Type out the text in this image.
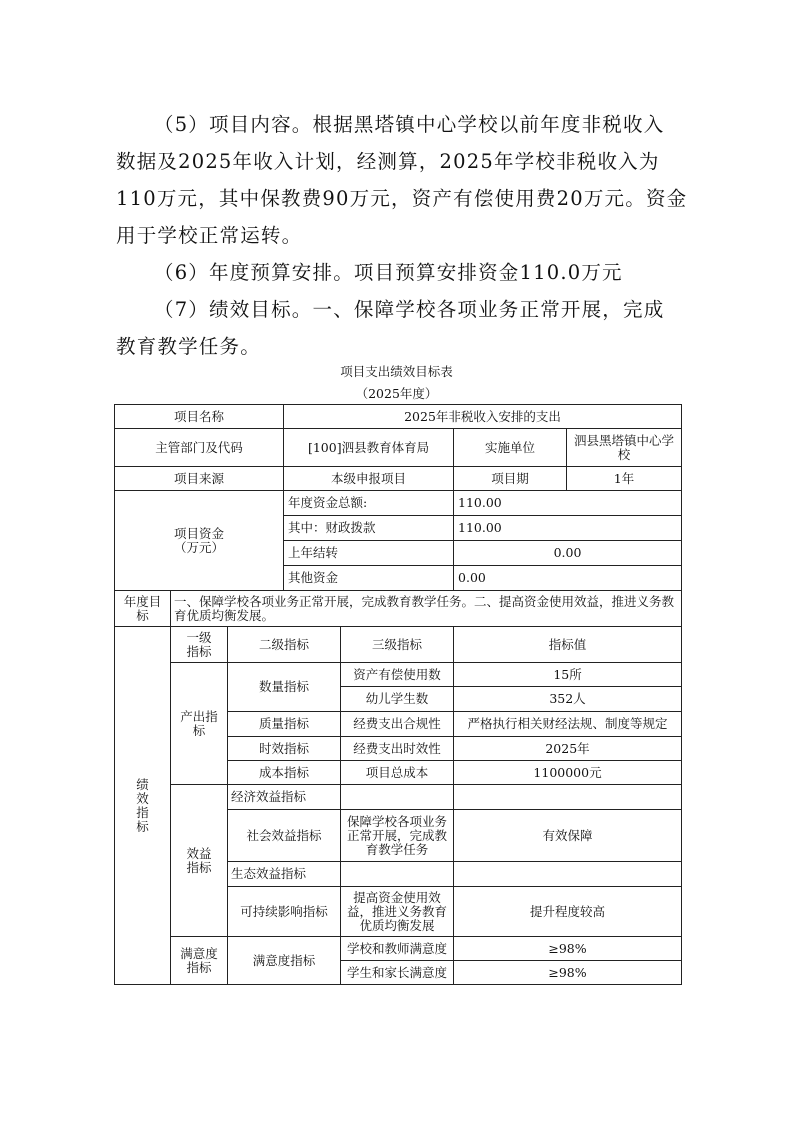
（5）项目内容。根据黑塔镇中心学校以前年度非税收入
数据及2025年收入计划，经测算，2025年学校非税收入为
110万元，其中保教费90万元，资产有偿使用费20万元。资金
用于学校正常运转。
（6）年度预算安排。项目预算安排资金110.0万元
（7）绩效目标。一、保障学校各项业务正常开展，完成
教育教学任务。
项目支出绩效目标表
（2025年度）
项目名称			2025年非税收入安排的支出			
主管部门及代码			[100]泗县教育体育局		实施单位	泗县黑塔镇中心学校
项目来源			本级申报项目		项目期	1年

项目资金
（万元）			年度资金总额:		110.00	
			其中：财政拨款		110.00	
			上年结转		0.00	
			其他资金		0.00	
年度目标	一、保障学校各项业务正常开展，完成教育教学任务。二、提高资金使用效益，推进义务教育优质均衡发展。					
绩效指标	一级指标	二级指标		三级指标	指标值	
	产出指标	数量指标		资产有偿使用数	15所	
				幼儿学生数	352人	
		质量指标		经费支出合规性	严格执行相关财经法规、制度等规定	
		时效指标		经费支出时效性	2025年	
		成本指标		项目总成本	1100000元	
	效益指标	经济效益指标				
		社会效益指标		保障学校各项业务正常开展，完成教育教学任务	有效保障	
		生态效益指标				
		可持续影响指标		提高资金使用效益，推进义务教育优质均衡发展	提升程度较高	
	满意度指标	满意度指标		学校和教师满意度	≥98%	
				学生和家长满意度	≥98%	
